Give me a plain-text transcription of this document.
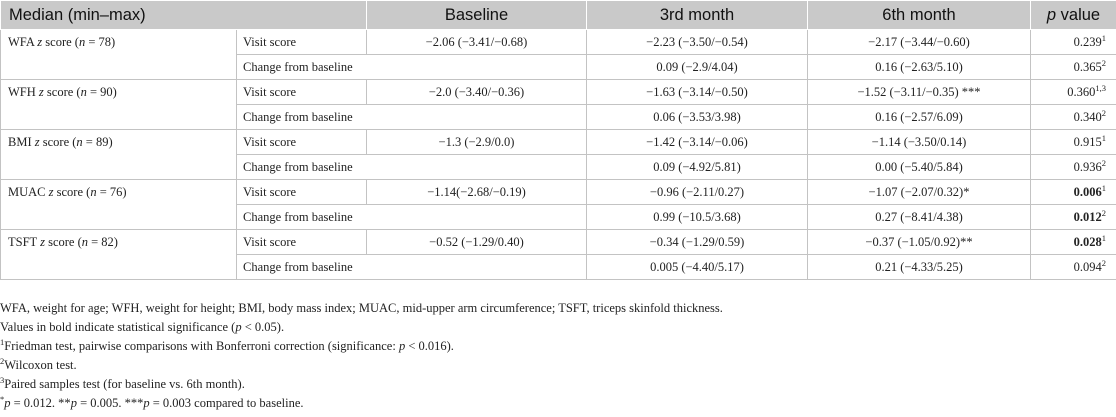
Median (min–max)		Baseline	3rd month	6th month	p value
WFA z score (n = 78)	Visit score	−2.06 (−3.41/−0.68)	−2.23 (−3.50/−0.54)	−2.17 (−3.44/−0.60)	0.239$^1$
	Change from baseline		0.09 (−2.9/4.04)	0.16 (−2.63/5.10)	0.365$^2$
WFH z score (n = 90)	Visit score	−2.0 (−3.40/−0.36)	−1.63 (−3.14/−0.50)	−1.52 (−3.11/−0.35) ***	0.360$^{1,3}$
	Change from baseline		0.06 (−3.53/3.98)	0.16 (−2.57/6.09)	0.340$^2$
BMI z score (n = 89)	Visit score	−1.3 (−2.9/0.0)	−1.42 (−3.14/−0.06)	−1.14 (−3.50/0.14)	0.915$^1$
	Change from baseline		0.09 (−4.92/5.81)	0.00 (−5.40/5.84)	0.936$^2$
MUAC z score (n = 76)	Visit score	−1.14(−2.68/−0.19)	−0.96 (−2.11/0.27)	−1.07 (−2.07/0.32)*	0.006$^1$
	Change from baseline		0.99 (−10.5/3.68)	0.27 (−8.41/4.38)	0.012$^2$
TSFT z score (n = 82)	Visit score	−0.52 (−1.29/0.40)	−0.34 (−1.29/0.59)	−0.37 (−1.05/0.92)**	0.028$^1$
	Change from baseline		0.005 (−4.40/5.17)	0.21 (−4.33/5.25)	0.094$^2$

WFA, weight for age; WFH, weight for height; BMI, body mass index; MUAC, mid-upper arm circumference; TSFT, triceps skinfold thickness.

Values in bold indicate statistical significance (p < 0.05).

$^1$Friedman test, pairwise comparisons with Bonferroni correction (significance: p < 0.016).

$^2$Wilcoxon test.

$^3$Paired samples test (for baseline vs. 6th month).

*p = 0.012. **p = 0.005. ***p = 0.003 compared to baseline.
